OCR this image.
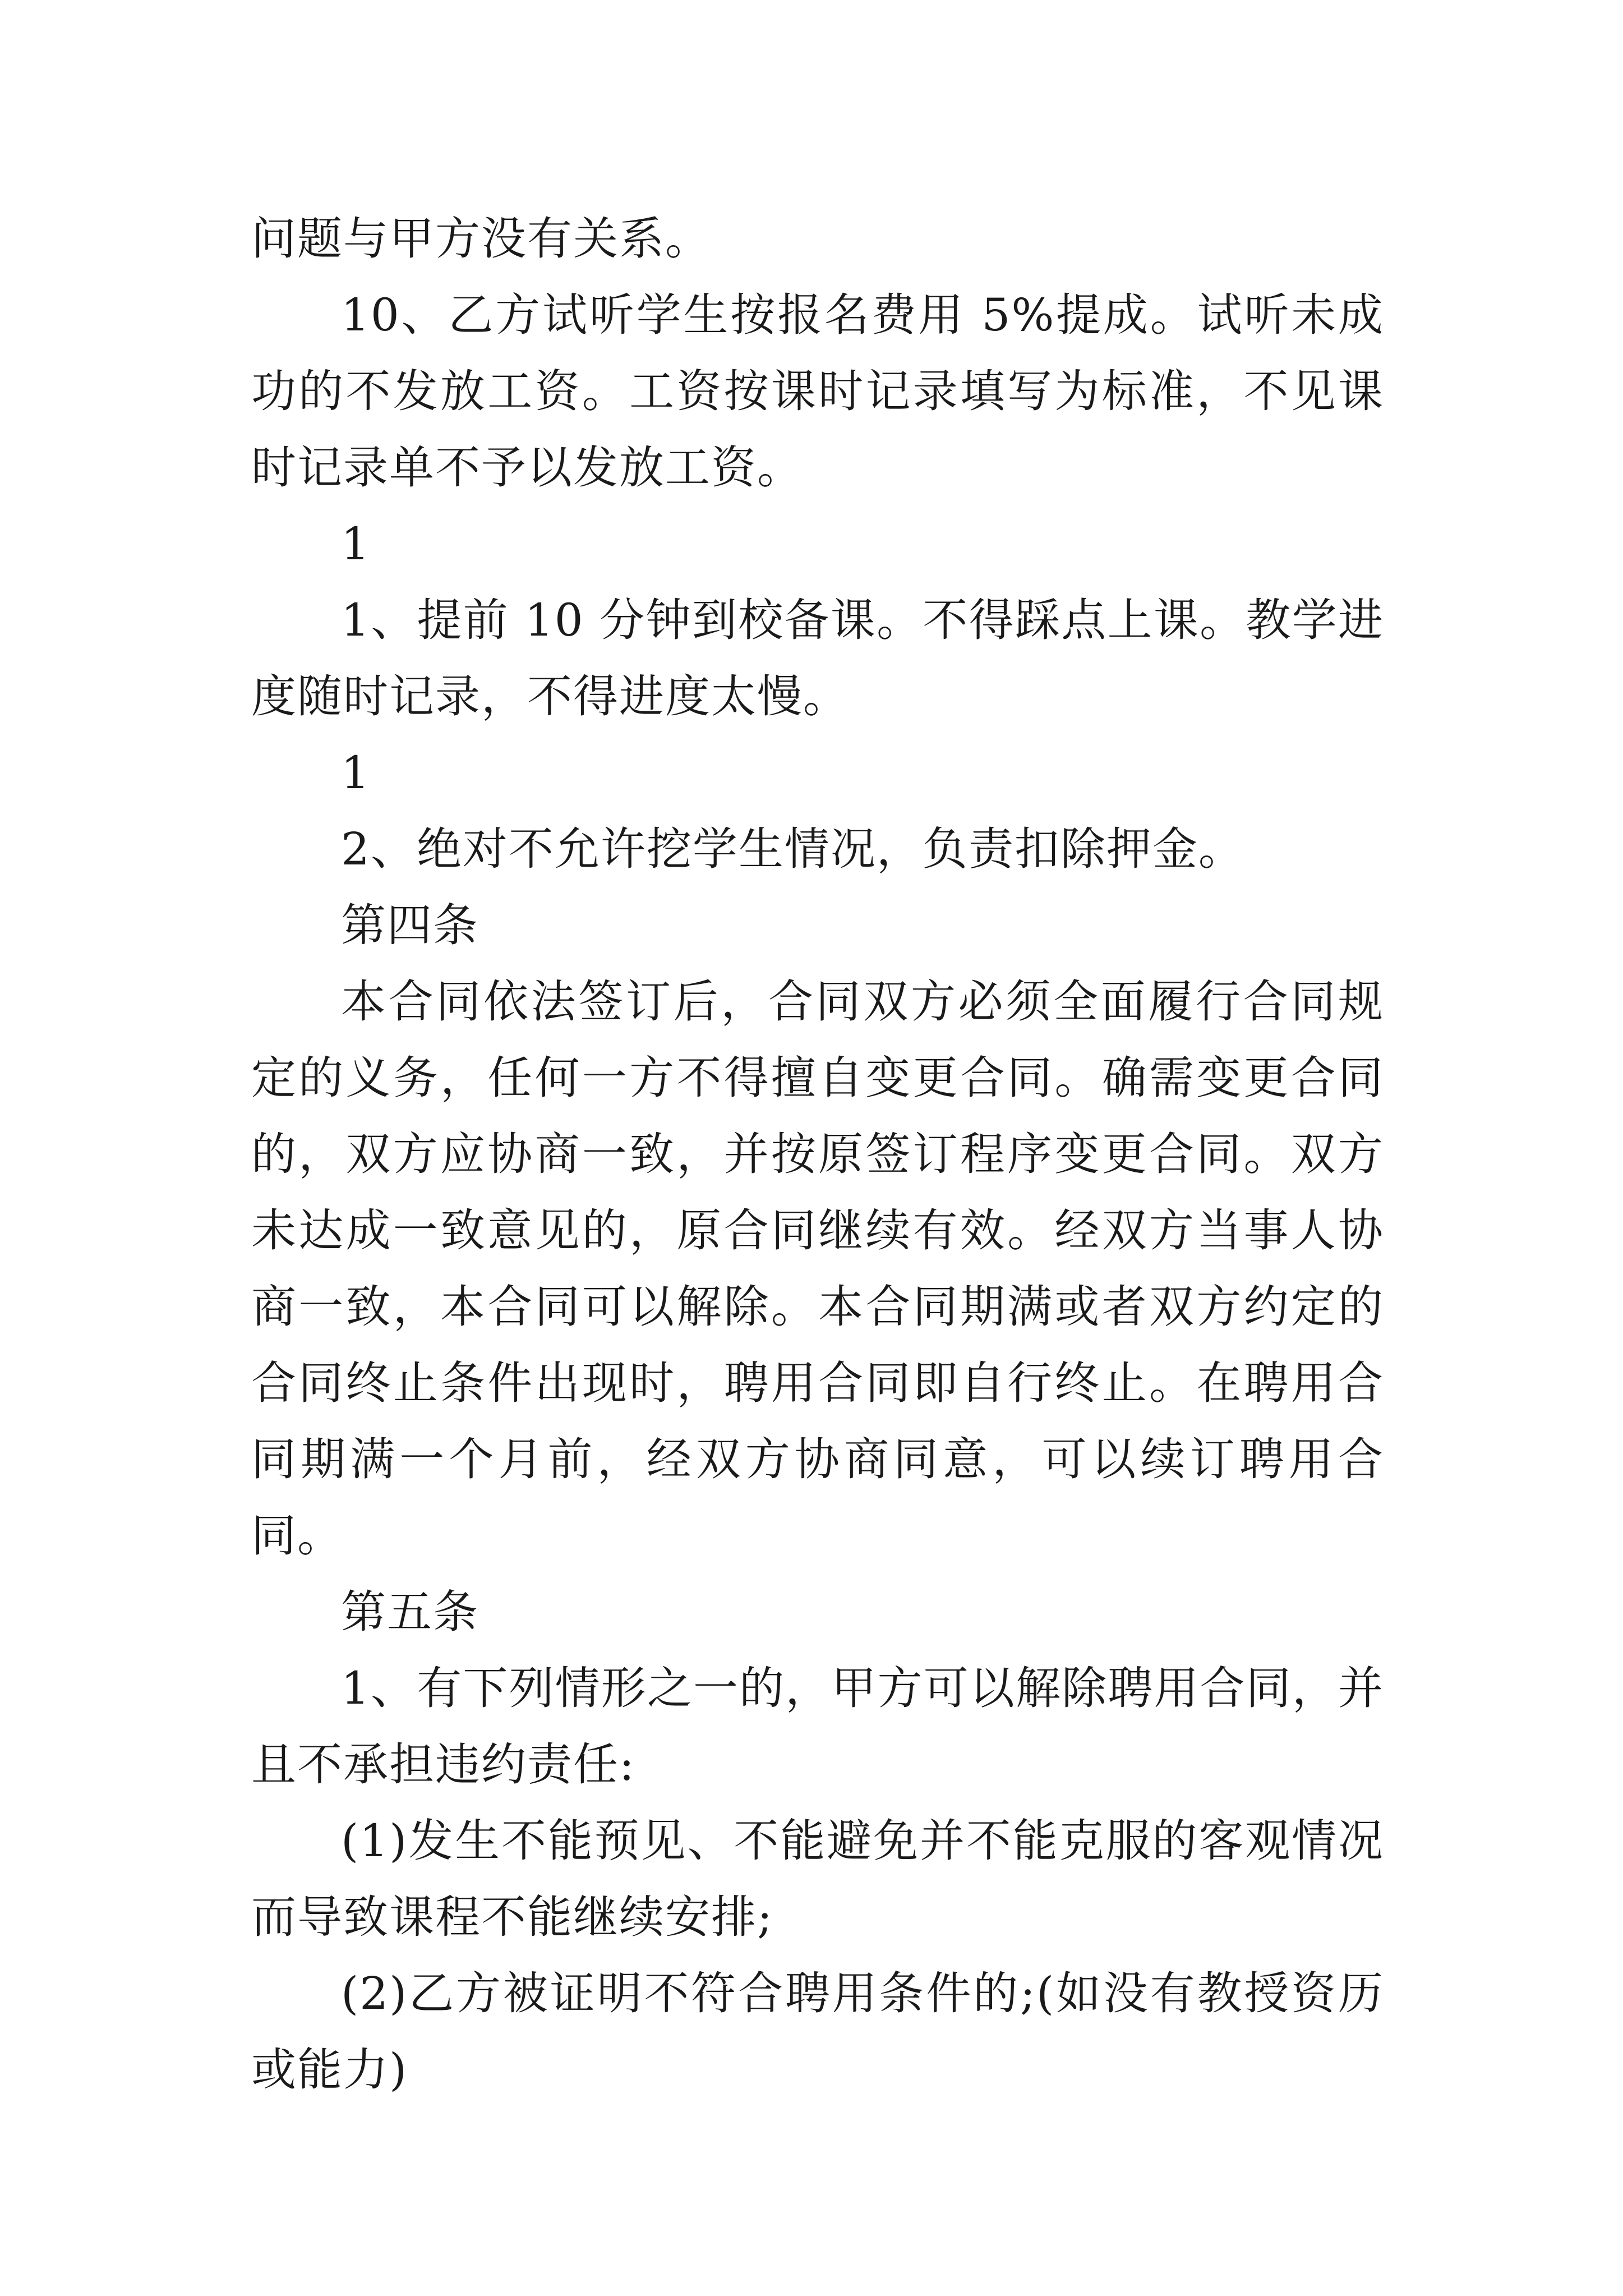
问题与甲方没有关系。

10、乙方试听学生按报名费用 5%提成。试听未成功的不发放工资。工资按课时记录填写为标准，不见课时记录单不予以发放工资。

1

1、提前 10 分钟到校备课。不得踩点上课。教学进度随时记录，不得进度太慢。

1

2、绝对不允许挖学生情况，负责扣除押金。

第四条

本合同依法签订后，合同双方必须全面履行合同规定的义务，任何一方不得擅自变更合同。确需变更合同的，双方应协商一致，并按原签订程序变更合同。双方未达成一致意见的，原合同继续有效。经双方当事人协商一致，本合同可以解除。本合同期满或者双方约定的合同终止条件出现时，聘用合同即自行终止。在聘用合同期满一个月前，经双方协商同意，可以续订聘用合同。

第五条

1、有下列情形之一的，甲方可以解除聘用合同，并且不承担违约责任:

(1)发生不能预见、不能避免并不能克服的客观情况而导致课程不能继续安排;

(2)乙方被证明不符合聘用条件的;(如没有教授资历或能力)
